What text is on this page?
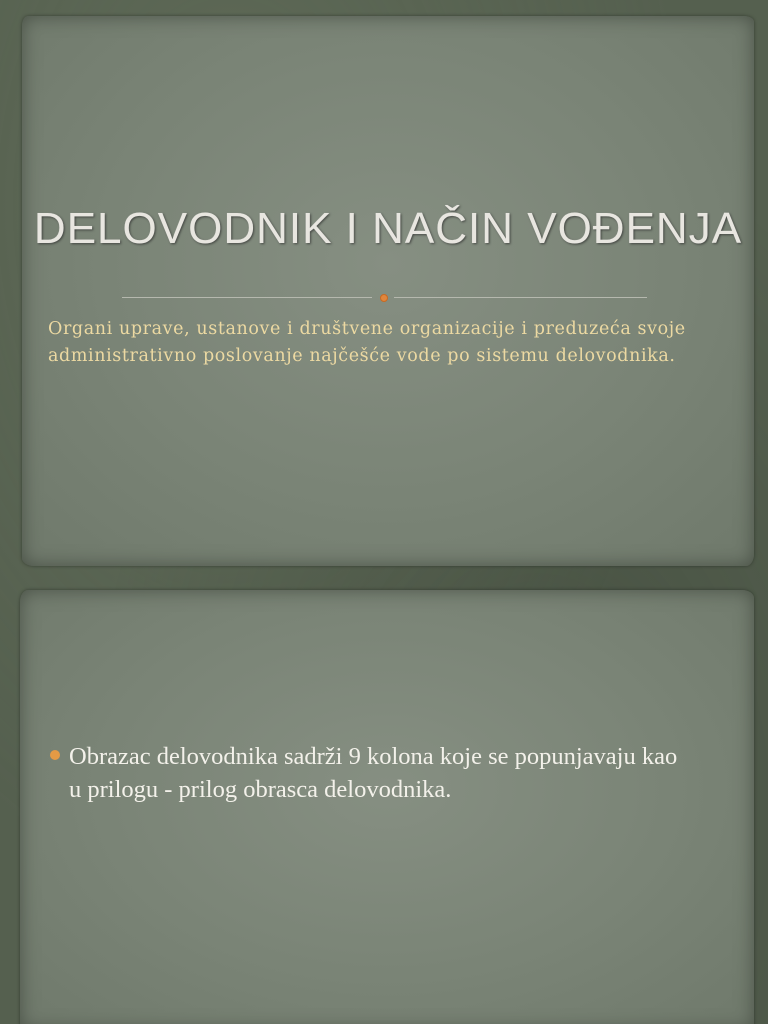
DELOVODNIK I NAČIN VOĐENJA

Organi uprave, ustanove i društvene organizacije i preduzeća svoje administrativno poslovanje najčešće vode po sistemu delovodnika.

Obrazac delovodnika sadrži 9 kolona koje se popunjavaju kao u prilogu - prilog obrasca delovodnika.
